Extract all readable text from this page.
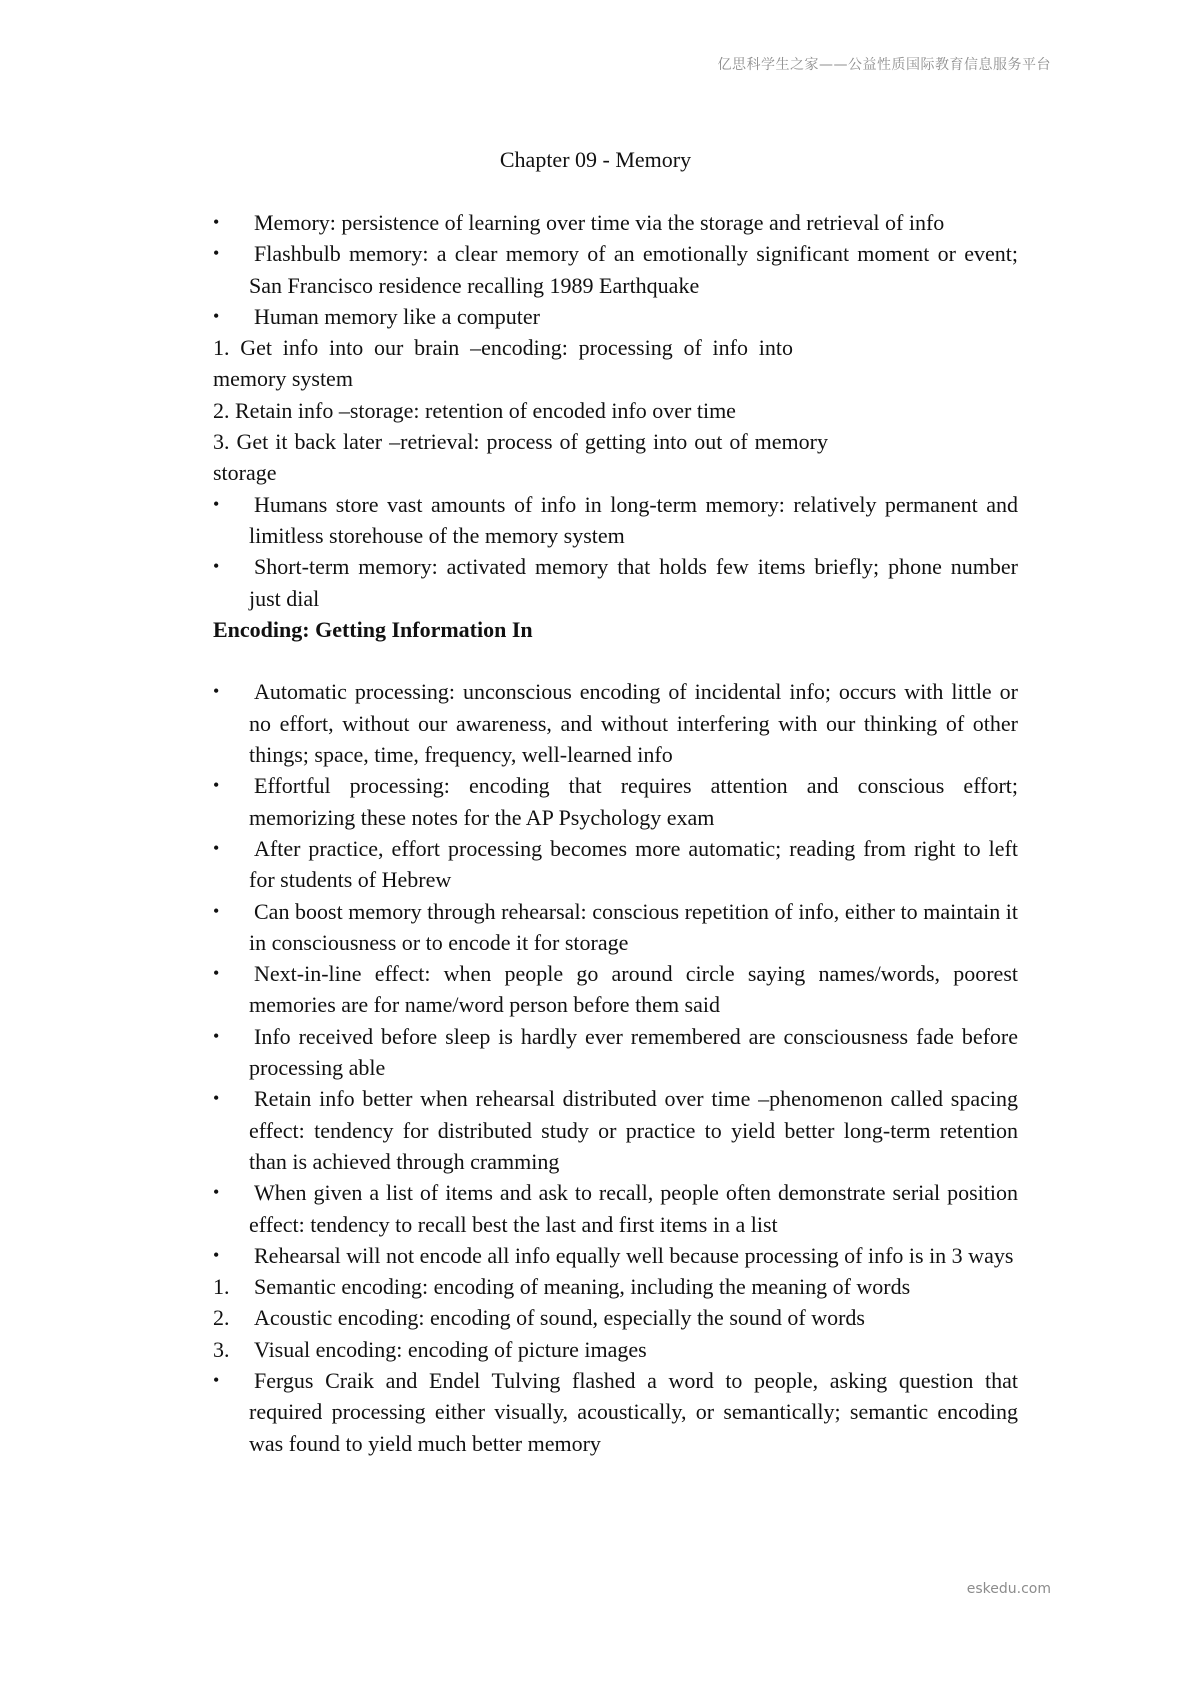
亿思科学生之家——公益性质国际教育信息服务平台
Chapter 09 - Memory
•	Memory: persistence of learning over time via the storage and retrieval of info
•	Flashbulb memory: a clear memory of an emotionally significant moment or event; San Francisco residence recalling 1989 Earthquake
•	Human memory like a computer
1. Get info into our brain –encoding: processing of info into memory system
2. Retain info –storage: retention of encoded info over time
3. Get it back later –retrieval: process of getting into out of memory storage
•	Humans store vast amounts of info in long-term memory: relatively permanent and limitless storehouse of the memory system
•	Short-term memory: activated memory that holds few items briefly; phone number just dial
Encoding: Getting Information In
•	Automatic processing: unconscious encoding of incidental info; occurs with little or no effort, without our awareness, and without interfering with our thinking of other things; space, time, frequency, well-learned info
•	Effortful processing: encoding that requires attention and conscious effort; memorizing these notes for the AP Psychology exam
•	After practice, effort processing becomes more automatic; reading from right to left for students of Hebrew
•	Can boost memory through rehearsal: conscious repetition of info, either to maintain it in consciousness or to encode it for storage
•	Next-in-line effect: when people go around circle saying names/words, poorest memories are for name/word person before them said
•	Info received before sleep is hardly ever remembered are consciousness fade before processing able
•	Retain info better when rehearsal distributed over time –phenomenon called spacing effect: tendency for distributed study or practice to yield better long-term retention than is achieved through cramming
•	When given a list of items and ask to recall, people often demonstrate serial position effect: tendency to recall best the last and first items in a list
•	Rehearsal will not encode all info equally well because processing of info is in 3 ways
1. Semantic encoding: encoding of meaning, including the meaning of words
2. Acoustic encoding: encoding of sound, especially the sound of words
3. Visual encoding: encoding of picture images
•	Fergus Craik and Endel Tulving flashed a word to people, asking question that required processing either visually, acoustically, or semantically; semantic encoding was found to yield much better memory
eskedu.com
